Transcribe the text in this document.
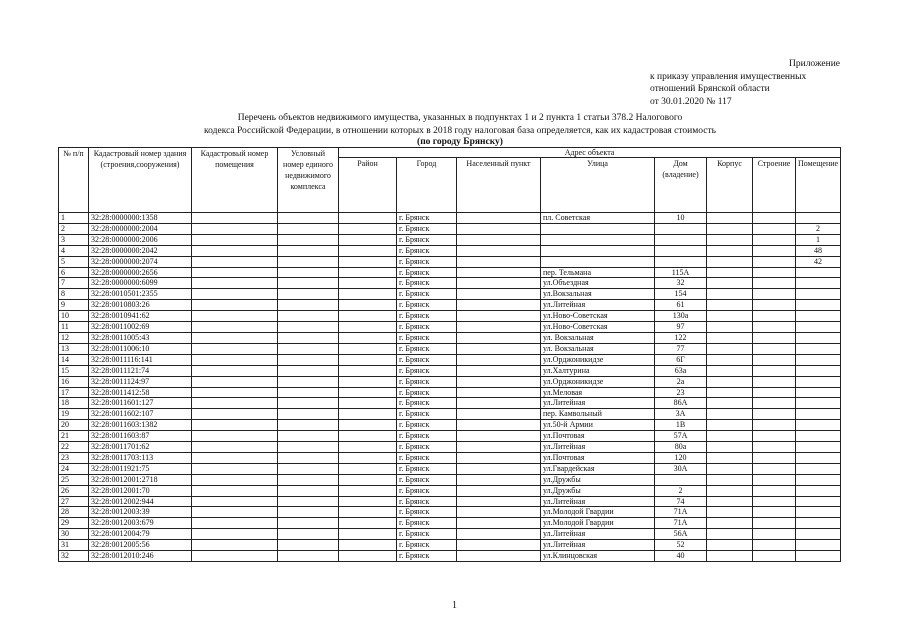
Приложение
к приказу управления имущественных
отношений Брянской области
от 30.01.2020 № 117
Перечень объектов недвижимого имущества, указанных в подпунктах 1 и 2 пункта 1 статьи 378.2 Налогового
кодекса Российской Федерации, в отношении которых в 2018 году налоговая база определяется, как их кадастровая стоимость
(по городу Брянску)
№ п/п	Кадастровый номер здания (строения,сооружения)	Кадастровый номер помещения	Условный номер единого недвижимого комплекса	Адрес объекта							
				Район	Город	Населенный пункт	Улица	Дом (владение)	Корпус	Строение	Помещение
1	32:28:0000000:1358				г. Брянск		пл. Советская	10			
2	32:28:0000000:2004				г. Брянск						2
3	32:28:0000000:2006				г. Брянск						1
4	32:28:0000000:2042				г. Брянск						48
5	32:28:0000000:2074				г. Брянск						42
6	32:28:0000000:2656				г. Брянск		пер. Тельмана	115А			
7	32:28:0000000:6099				г. Брянск		ул.Объездная	32			
8	32:28:0010501:2355				г. Брянск		ул.Вокзальная	154			
9	32:28:0010803:26				г. Брянск		ул.Литейная	61			
10	32:28:0010941:62				г. Брянск		ул.Ново-Советская	130а			
11	32:28:0011002:69				г. Брянск		ул.Ново-Советская	97			
12	32:28:0011005:43				г. Брянск		ул. Вокзальная	122			
13	32:28:0011006:10				г. Брянск		ул. Вокзальная	77			
14	32:28:0011116:141				г. Брянск		ул.Орджоникидзе	6Г			
15	32:28:0011121:74				г. Брянск		ул.Халтурина	63а			
16	32:28:0011124:97				г. Брянск		ул.Орджоникидзе	2а			
17	32:28:0011412:58				г. Брянск		ул.Меловая	23			
18	32:28:0011601:127				г. Брянск		ул.Литейная	86А			
19	32:28:0011602:107				г. Брянск		пер. Камвольный	3А			
20	32:28:0011603:1382				г. Брянск		ул.50-й Армии	1В			
21	32:28:0011603:87				г. Брянск		ул.Почтовая	57А			
22	32:28:0011701:62				г. Брянск		ул.Литейная	80а			
23	32:28:0011703:113				г. Брянск		ул.Почтовая	120			
24	32:28:0011921:75				г. Брянск		ул.Гвардейская	30А			
25	32:28:0012001:2718				г. Брянск		ул.Дружбы				
26	32:28:0012001:70				г. Брянск		ул.Дружбы	2			
27	32:28:0012002:944				г. Брянск		ул.Литейная	74			
28	32:28:0012003:39				г. Брянск		ул.Молодой Гвардии	71А			
29	32:28:0012003:679				г. Брянск		ул.Молодой Гвардии	71А			
30	32:28:0012004:79				г. Брянск		ул.Литейная	56А			
31	32:28:0012005:56				г. Брянск		ул.Литейная	52			
32	32:28:0012010:246				г. Брянск		ул.Клинцовская	40			
1
